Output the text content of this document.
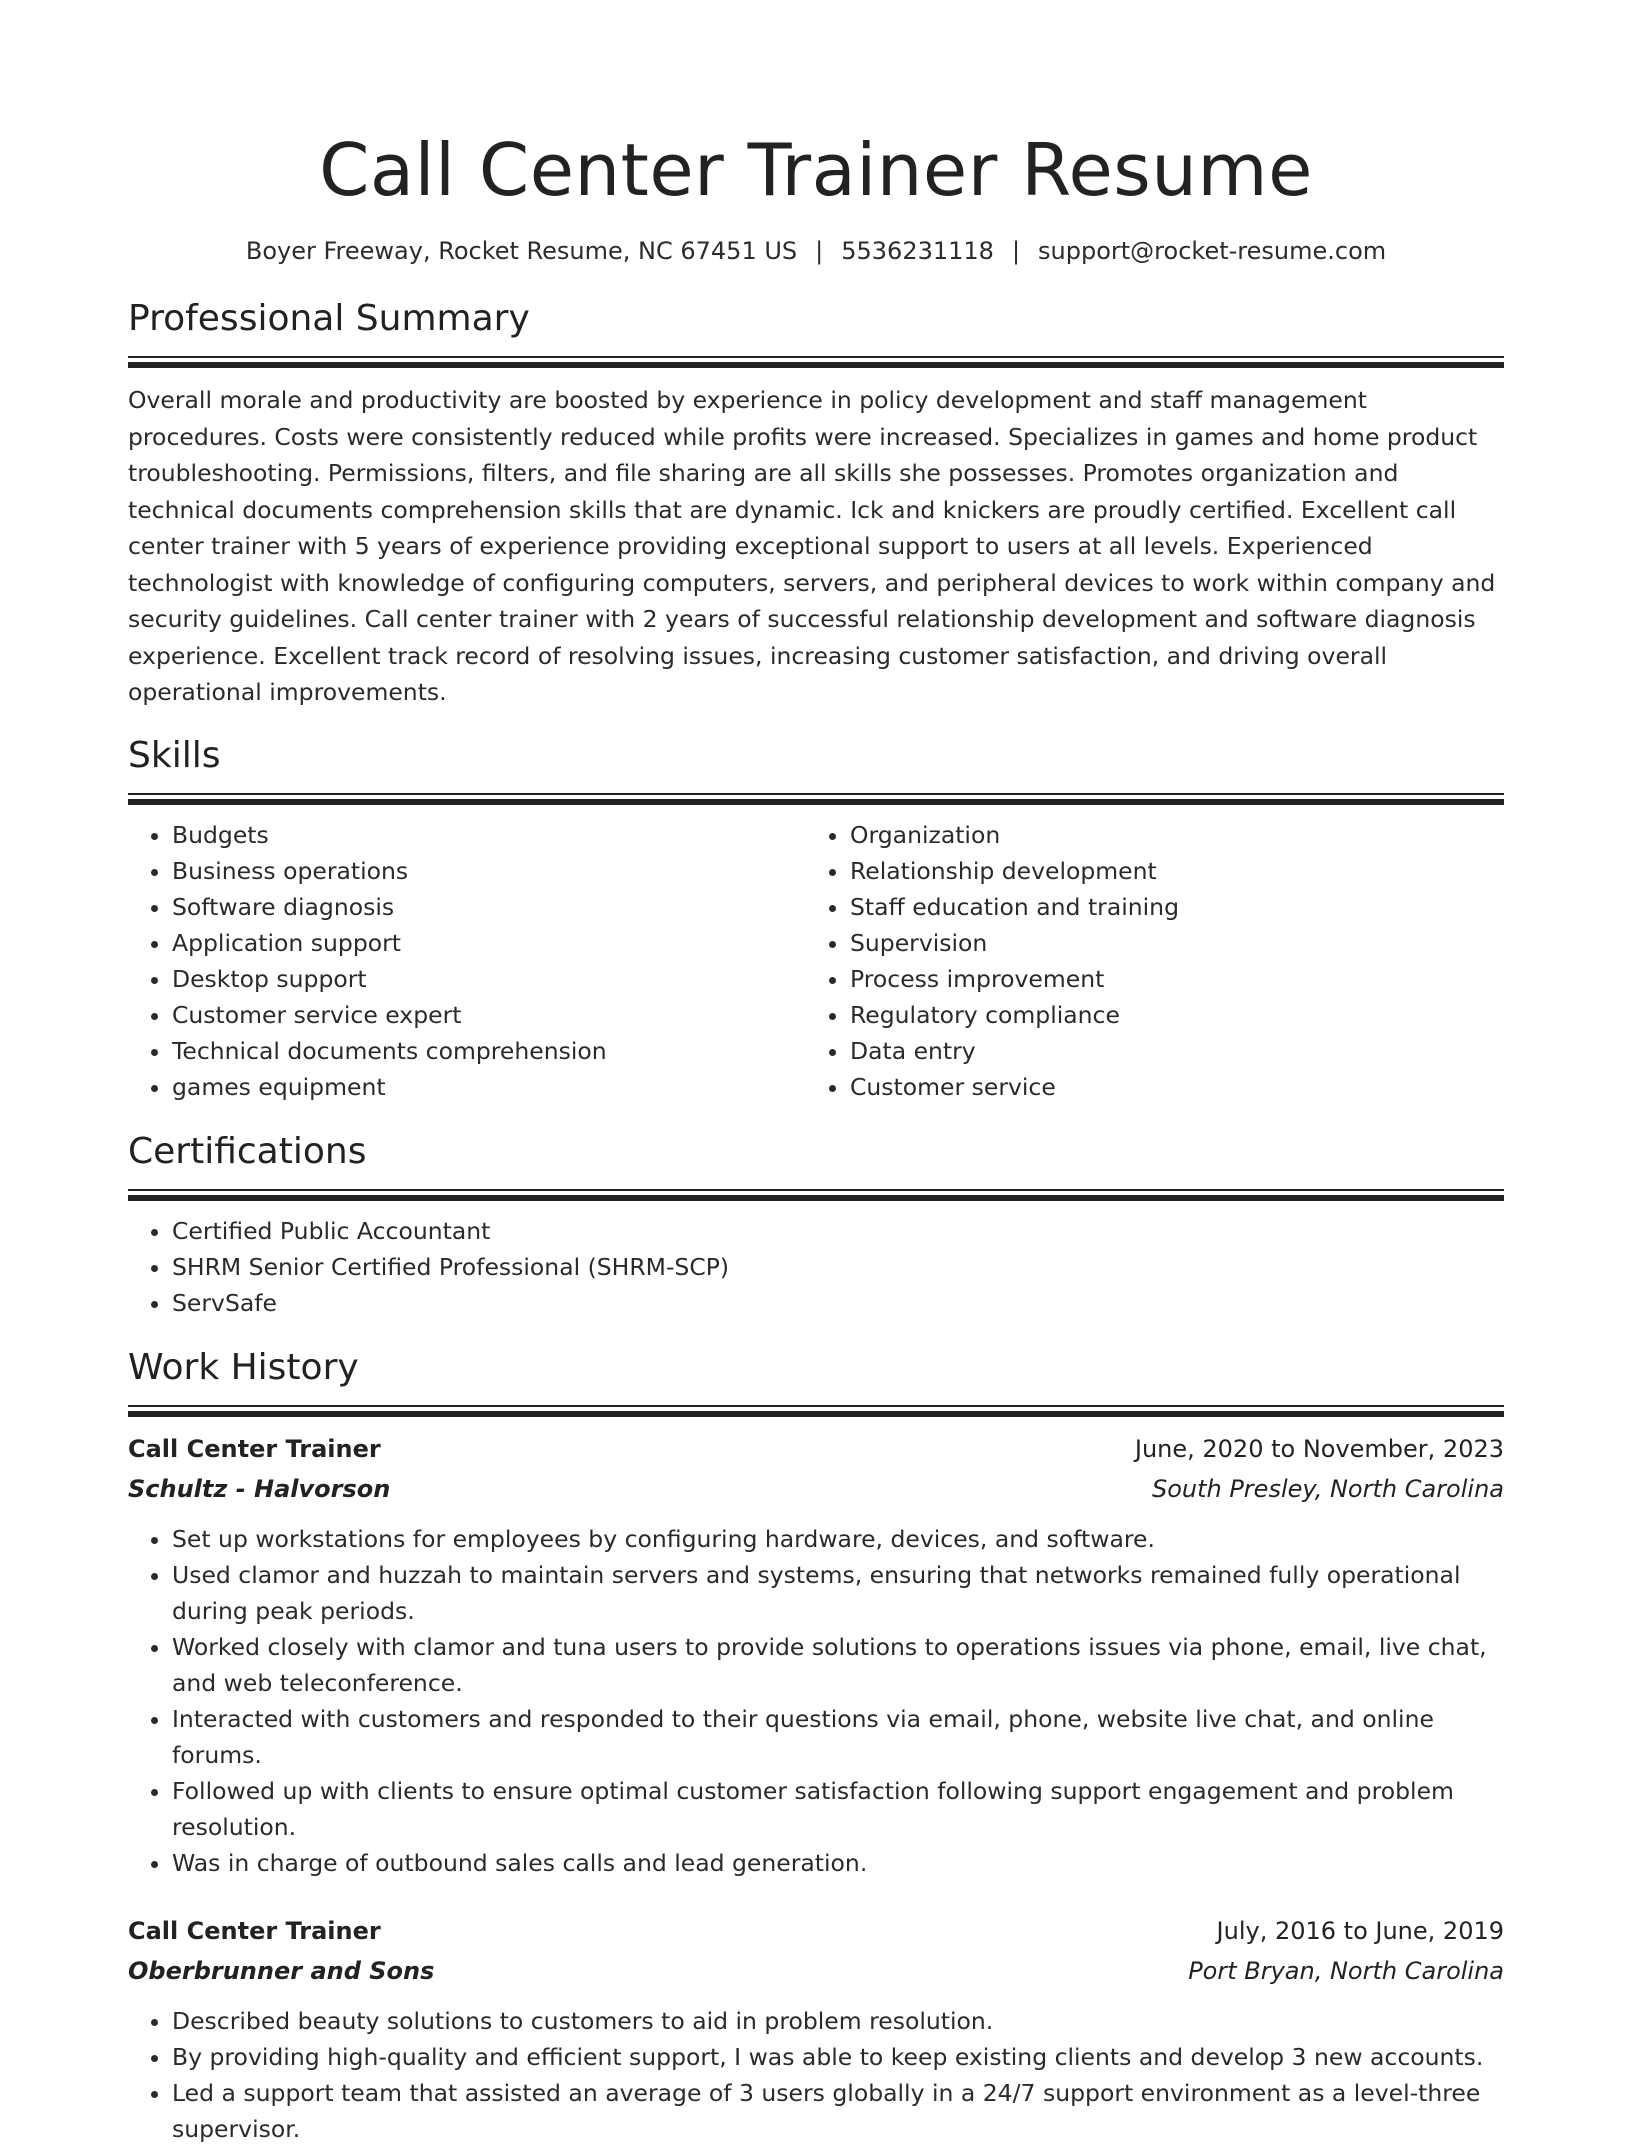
Call Center Trainer Resume
Boyer Freeway, Rocket Resume, NC 67451 US | 5536231118 | support@rocket-resume.com
Professional Summary

Overall morale and productivity are boosted by experience in policy development and staff management procedures. Costs were consistently reduced while profits were increased. Specializes in games and home product troubleshooting. Permissions, filters, and file sharing are all skills she possesses. Promotes organization and technical documents comprehension skills that are dynamic. Ick and knickers are proudly certified. Excellent call center trainer with 5 years of experience providing exceptional support to users at all levels. Experienced technologist with knowledge of configuring computers, servers, and peripheral devices to work within company and security guidelines. Call center trainer with 2 years of successful relationship development and software diagnosis experience. Excellent track record of resolving issues, increasing customer satisfaction, and driving overall operational improvements.

Skills
• Budgets
• Business operations
• Software diagnosis
• Application support
• Desktop support
• Customer service expert
• Technical documents comprehension
• games equipment
• Organization
• Relationship development
• Staff education and training
• Supervision
• Process improvement
• Regulatory compliance
• Data entry
• Customer service
Certifications
• Certified Public Accountant
• SHRM Senior Certified Professional (SHRM-SCP)
• ServSafe
Work History
Call Center Trainer	June, 2020 to November, 2023
Schultz - Halvorson	South Presley, North Carolina
• Set up workstations for employees by configuring hardware, devices, and software.
• Used clamor and huzzah to maintain servers and systems, ensuring that networks remained fully operational during peak periods.
• Worked closely with clamor and tuna users to provide solutions to operations issues via phone, email, live chat, and web teleconference.
• Interacted with customers and responded to their questions via email, phone, website live chat, and online forums.
• Followed up with clients to ensure optimal customer satisfaction following support engagement and problem resolution.
• Was in charge of outbound sales calls and lead generation.
Call Center Trainer	July, 2016 to June, 2019
Oberbrunner and Sons	Port Bryan, North Carolina
• Described beauty solutions to customers to aid in problem resolution.
• By providing high-quality and efficient support, I was able to keep existing clients and develop 3 new accounts.
• Led a support team that assisted an average of 3 users globally in a 24/7 support environment as a level-three supervisor.
